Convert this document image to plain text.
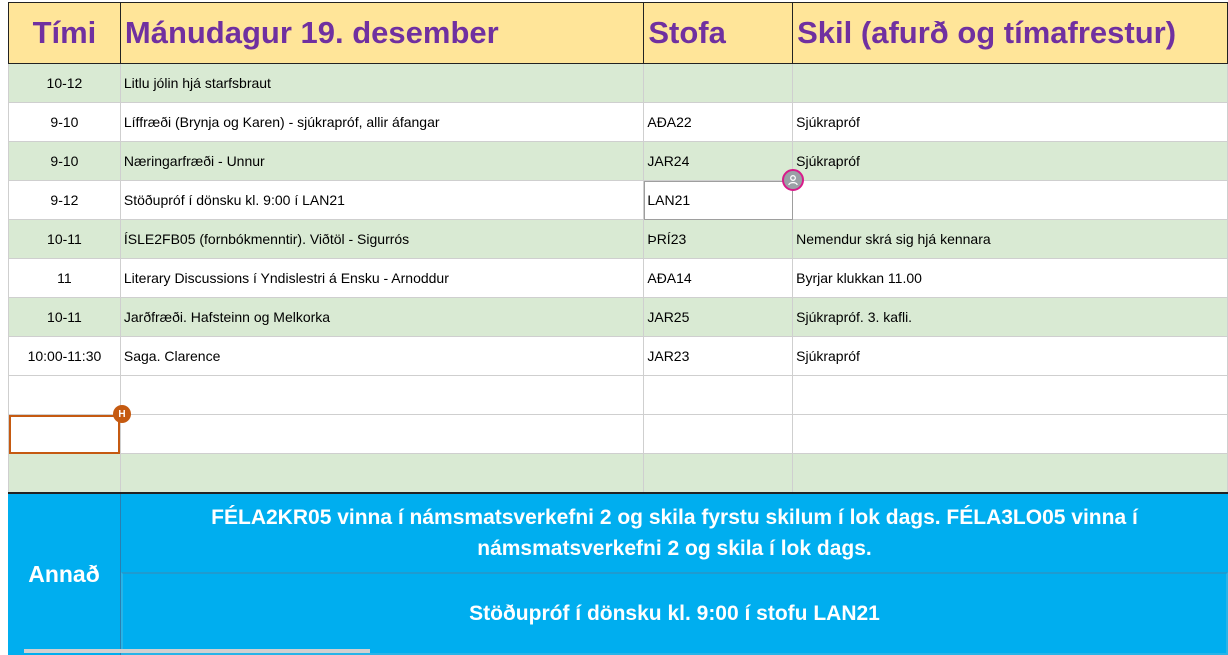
Tími	Mánudagur 19. desember	Stofa	Skil (afurð og tímafrestur)
10-12	Litlu jólin hjá starfsbraut		
9-10	Líffræði (Brynja og Karen) - sjúkrapróf, allir áfangar	AÐA22	Sjúkrapróf
9-10	Næringarfræði - Unnur	JAR24	Sjúkrapróf
9-12	Stöðupróf í dönsku kl. 9:00 í LAN21	LAN21	
10-11	ÍSLE2FB05 (fornbókmenntir). Viðtöl - Sigurrós	ÞRÍ23	Nemendur skrá sig hjá kennara
11	Literary Discussions í Yndislestri á Ensku - Arnoddur	AÐA14	Byrjar klukkan 11.00
10-11	Jarðfræði. Hafsteinn og Melkorka	JAR25	Sjúkrapróf. 3. kafli.
10:00-11:30	Saga. Clarence	JAR23	Sjúkrapróf

H
Annað
FÉLA2KR05 vinna í námsmatsverkefni 2 og skila fyrstu skilum í lok dags. FÉLA3LO05 vinna í námsmatsverkefni 2 og skila í lok dags.
Stöðupróf í dönsku kl. 9:00 í stofu LAN21
